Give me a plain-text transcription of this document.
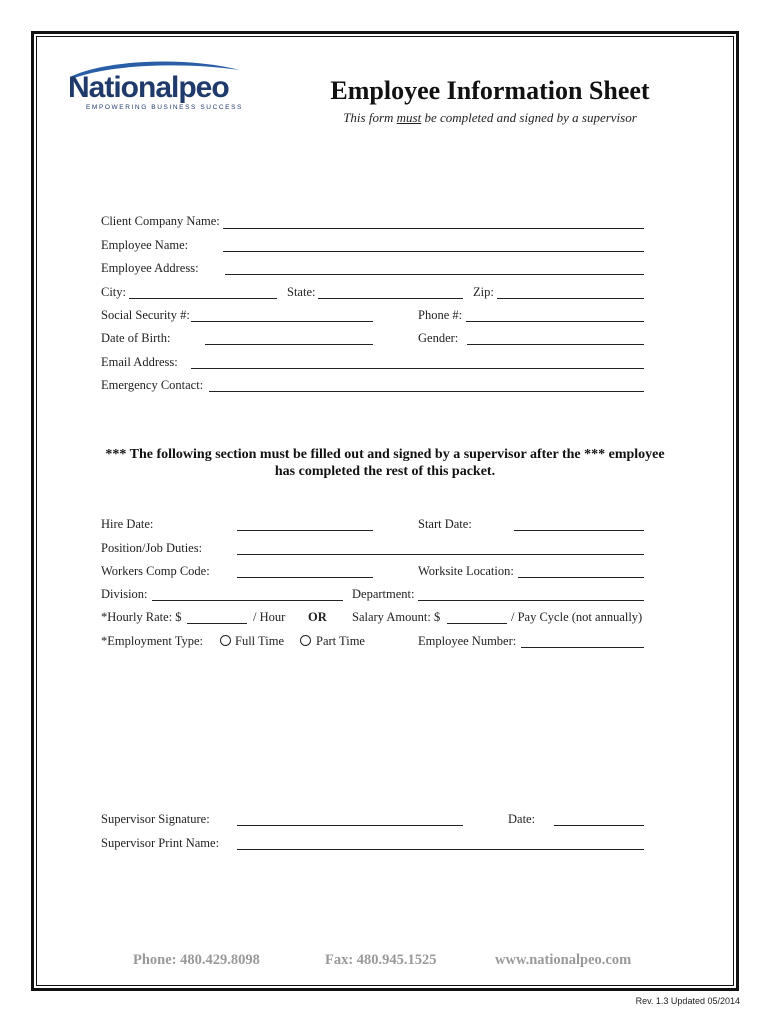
Nationalpeo
EMPOWERING BUSINESS SUCCESS
Employee Information Sheet
This form must be completed and signed by a supervisor
Client Company Name:
Employee Name:
Employee Address:
City:	State:	Zip:
Social Security #:	Phone #:
Date of Birth:	Gender:
Email Address:
Emergency Contact:
*** The following section must be filled out and signed by a supervisor after the *** employee has completed the rest of this packet.
Hire Date:	Start Date:
Position/Job Duties:
Workers Comp Code:	Worksite Location:
Division:	Department:
*Hourly Rate: $	/ Hour OR Salary Amount: $	/ Pay Cycle (not annually)
*Employment Type:	Full Time	Part Time	Employee Number:
Supervisor Signature:	Date:
Supervisor Print Name:
Phone: 480.429.8098	Fax: 480.945.1525	www.nationalpeo.com
Rev. 1.3 Updated 05/2014
